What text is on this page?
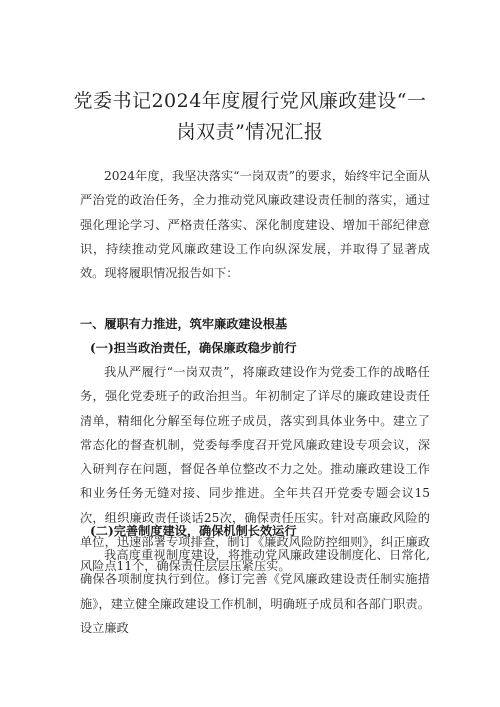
党委书记2024年度履行党风廉政建设“一岗双责”情况汇报

2024年度，我坚决落实“一岗双责”的要求，始终牢记全面从严治党的政治任务，全力推动党风廉政建设责任制的落实，通过强化理论学习、严格责任落实、深化制度建设、增加干部纪律意识，持续推动党风廉政建设工作向纵深发展，并取得了显著成效。现将履职情况报告如下：

一、履职有力推进，筑牢廉政建设根基

(一)担当政治责任，确保廉政稳步前行

我从严履行“一岗双责”，将廉政建设作为党委工作的战略任务，强化党委班子的政治担当。年初制定了详尽的廉政建设责任清单，精细化分解至每位班子成员，落实到具体业务中。建立了常态化的督查机制，党委每季度召开党风廉政建设专项会议，深入研判存在问题，督促各单位整改不力之处。推动廉政建设工作和业务任务无缝对接、同步推进。全年共召开党委专题会议15次，组织廉政责任谈话25次，确保责任压实。针对高廉政风险的单位，迅速部署专项排查，制订《廉政风险防控细则》，纠正廉政风险点11个，确保责任层层压紧压实。

(二)完善制度建设，确保机制长效运行

我高度重视制度建设，将推动党风廉政建设制度化、日常化,确保各项制度执行到位。修订完善《党风廉政建设责任制实施措施》，建立健全廉政建设工作机制，明确班子成员和各部门职责。设立廉政
